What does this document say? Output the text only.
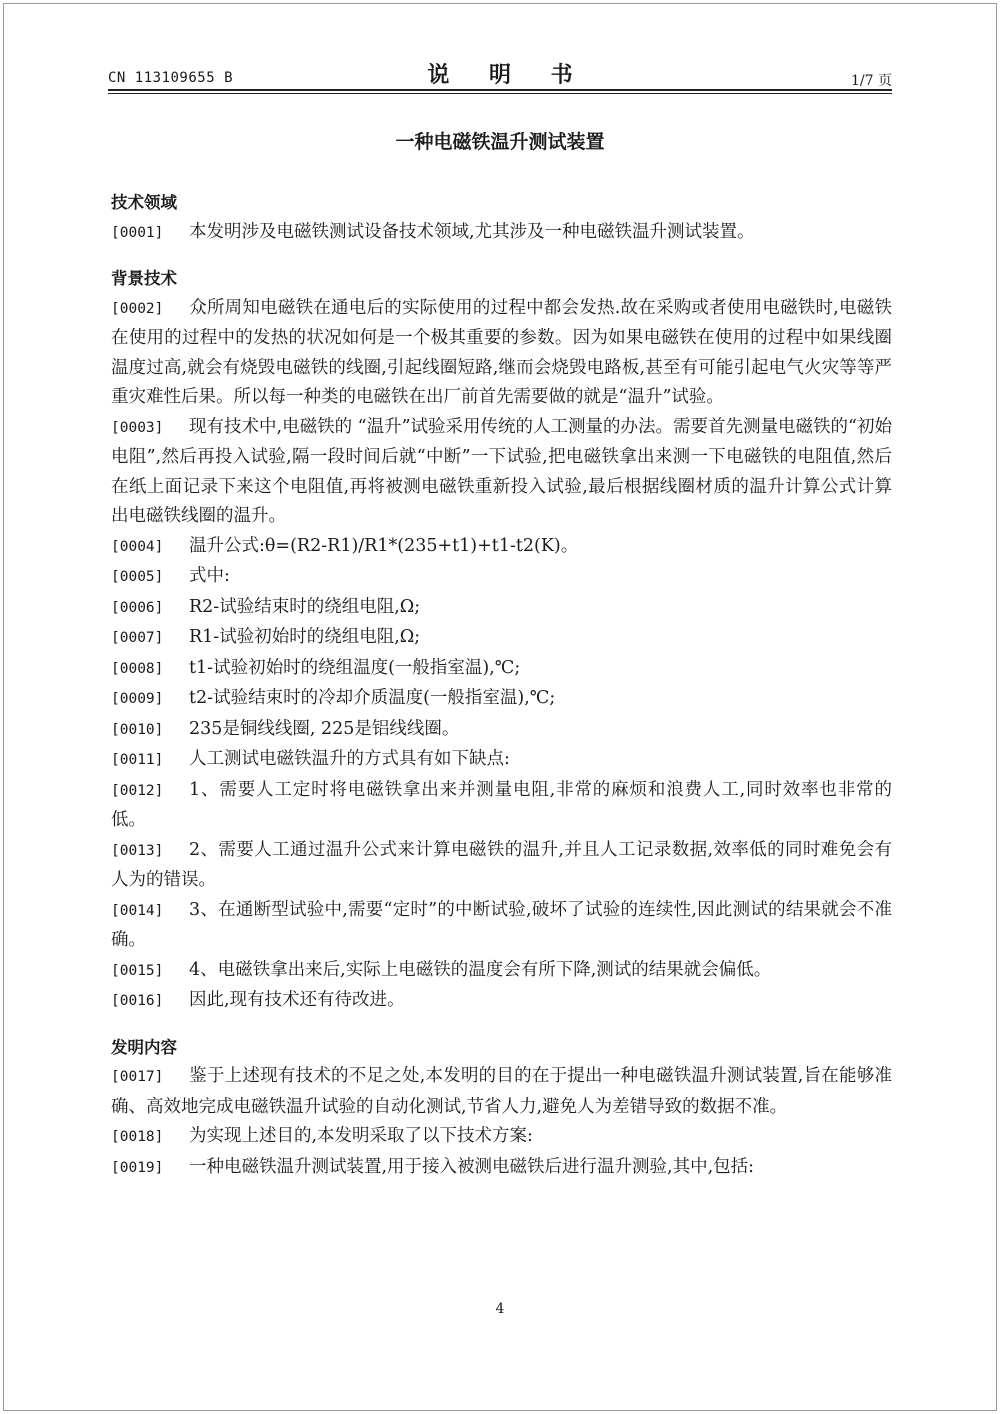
CN 113109655 B	说 明 书	1/7 页
一种电磁铁温升测试装置
技术领域
[0001] 本发明涉及电磁铁测试设备技术领域,尤其涉及一种电磁铁温升测试装置。
背景技术
[0002] 众所周知电磁铁在通电后的实际使用的过程中都会发热.故在采购或者使用电磁铁时,电磁铁在使用的过程中的发热的状况如何是一个极其重要的参数。因为如果电磁铁在使用的过程中如果线圈温度过高,就会有烧毁电磁铁的线圈,引起线圈短路,继而会烧毁电路板,甚至有可能引起电气火灾等等严重灾难性后果。所以每一种类的电磁铁在出厂前首先需要做的就是“温升”试验。
[0003] 现有技术中,电磁铁的 “温升”试验采用传统的人工测量的办法。需要首先测量电磁铁的“初始电阻”,然后再投入试验,隔一段时间后就“中断”一下试验,把电磁铁拿出来测一下电磁铁的电阻值,然后在纸上面记录下来这个电阻值,再将被测电磁铁重新投入试验,最后根据线圈材质的温升计算公式计算出电磁铁线圈的温升。
[0004] 温升公式:θ=(R2-R1)/R1*(235+t1)+t1-t2(K)。
[0005] 式中:
[0006] R2-试验结束时的绕组电阻,Ω;
[0007] R1-试验初始时的绕组电阻,Ω;
[0008] t1-试验初始时的绕组温度(一般指室温),℃;
[0009] t2-试验结束时的冷却介质温度(一般指室温),℃;
[0010] 235是铜线线圈, 225是铝线线圈。
[0011] 人工测试电磁铁温升的方式具有如下缺点:
[0012] 1、需要人工定时将电磁铁拿出来并测量电阻,非常的麻烦和浪费人工,同时效率也非常的低。
[0013] 2、需要人工通过温升公式来计算电磁铁的温升,并且人工记录数据,效率低的同时难免会有人为的错误。
[0014] 3、在通断型试验中,需要“定时”的中断试验,破坏了试验的连续性,因此测试的结果就会不准确。
[0015] 4、电磁铁拿出来后,实际上电磁铁的温度会有所下降,测试的结果就会偏低。
[0016] 因此,现有技术还有待改进。
发明内容
[0017] 鉴于上述现有技术的不足之处,本发明的目的在于提出一种电磁铁温升测试装置,旨在能够准确、高效地完成电磁铁温升试验的自动化测试,节省人力,避免人为差错导致的数据不准。
[0018] 为实现上述目的,本发明采取了以下技术方案:
[0019] 一种电磁铁温升测试装置,用于接入被测电磁铁后进行温升测验,其中,包括:
4
